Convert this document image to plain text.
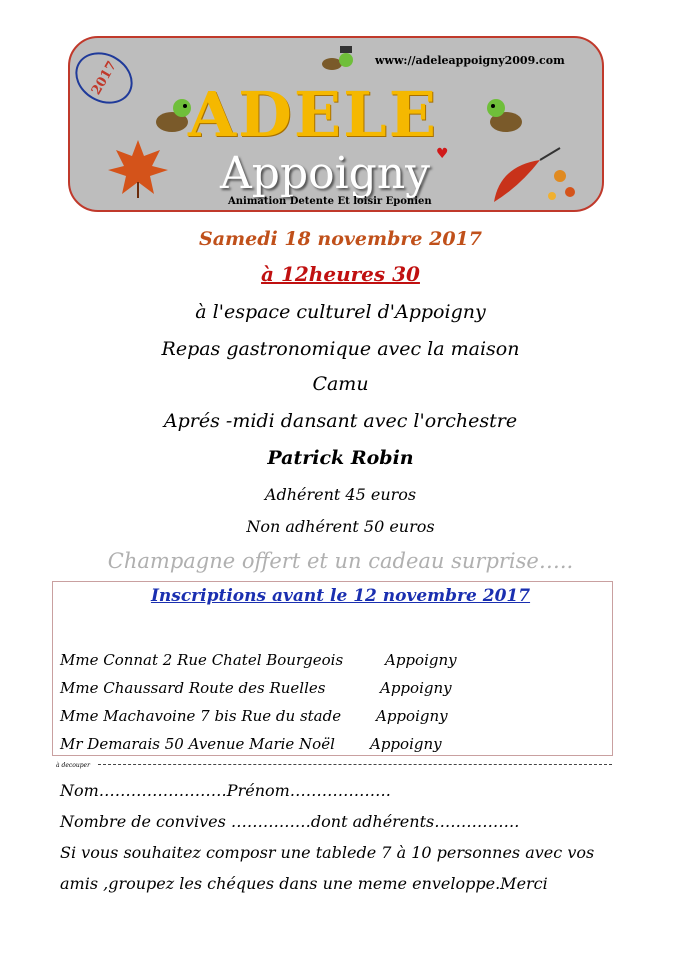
2017	www://adeleappoigny2009.com
ADELE
♥
Appoigny
Animation Detente Et loisir Eponien
Samedi 18 novembre 2017
à 12heures 30
à l'espace culturel d'Appoigny
Repas gastronomique avec la maison
Camu
Aprés -midi dansant avec l'orchestre
Patrick Robin
Adhérent 45 euros
Non adhérent 50 euros
Champagne offert et un cadeau surprise…..
Inscriptions avant le 12 novembre 2017
Mme Connat 2 Rue Chatel Bourgeois	Appoigny
Mme Chaussard Route des Ruelles	Appoigny
Mme Machavoine 7 bis Rue du stade Appoigny
Mr Demarais 50 Avenue Marie Noël Appoigny
à decouper
Nom……………………Prénom……………….
Nombre de convives ……………dont adhérents…………….
Si vous souhaitez composr une tablede 7 à 10 personnes avec vos
amis ,groupez les chéques dans une meme enveloppe.Merci
